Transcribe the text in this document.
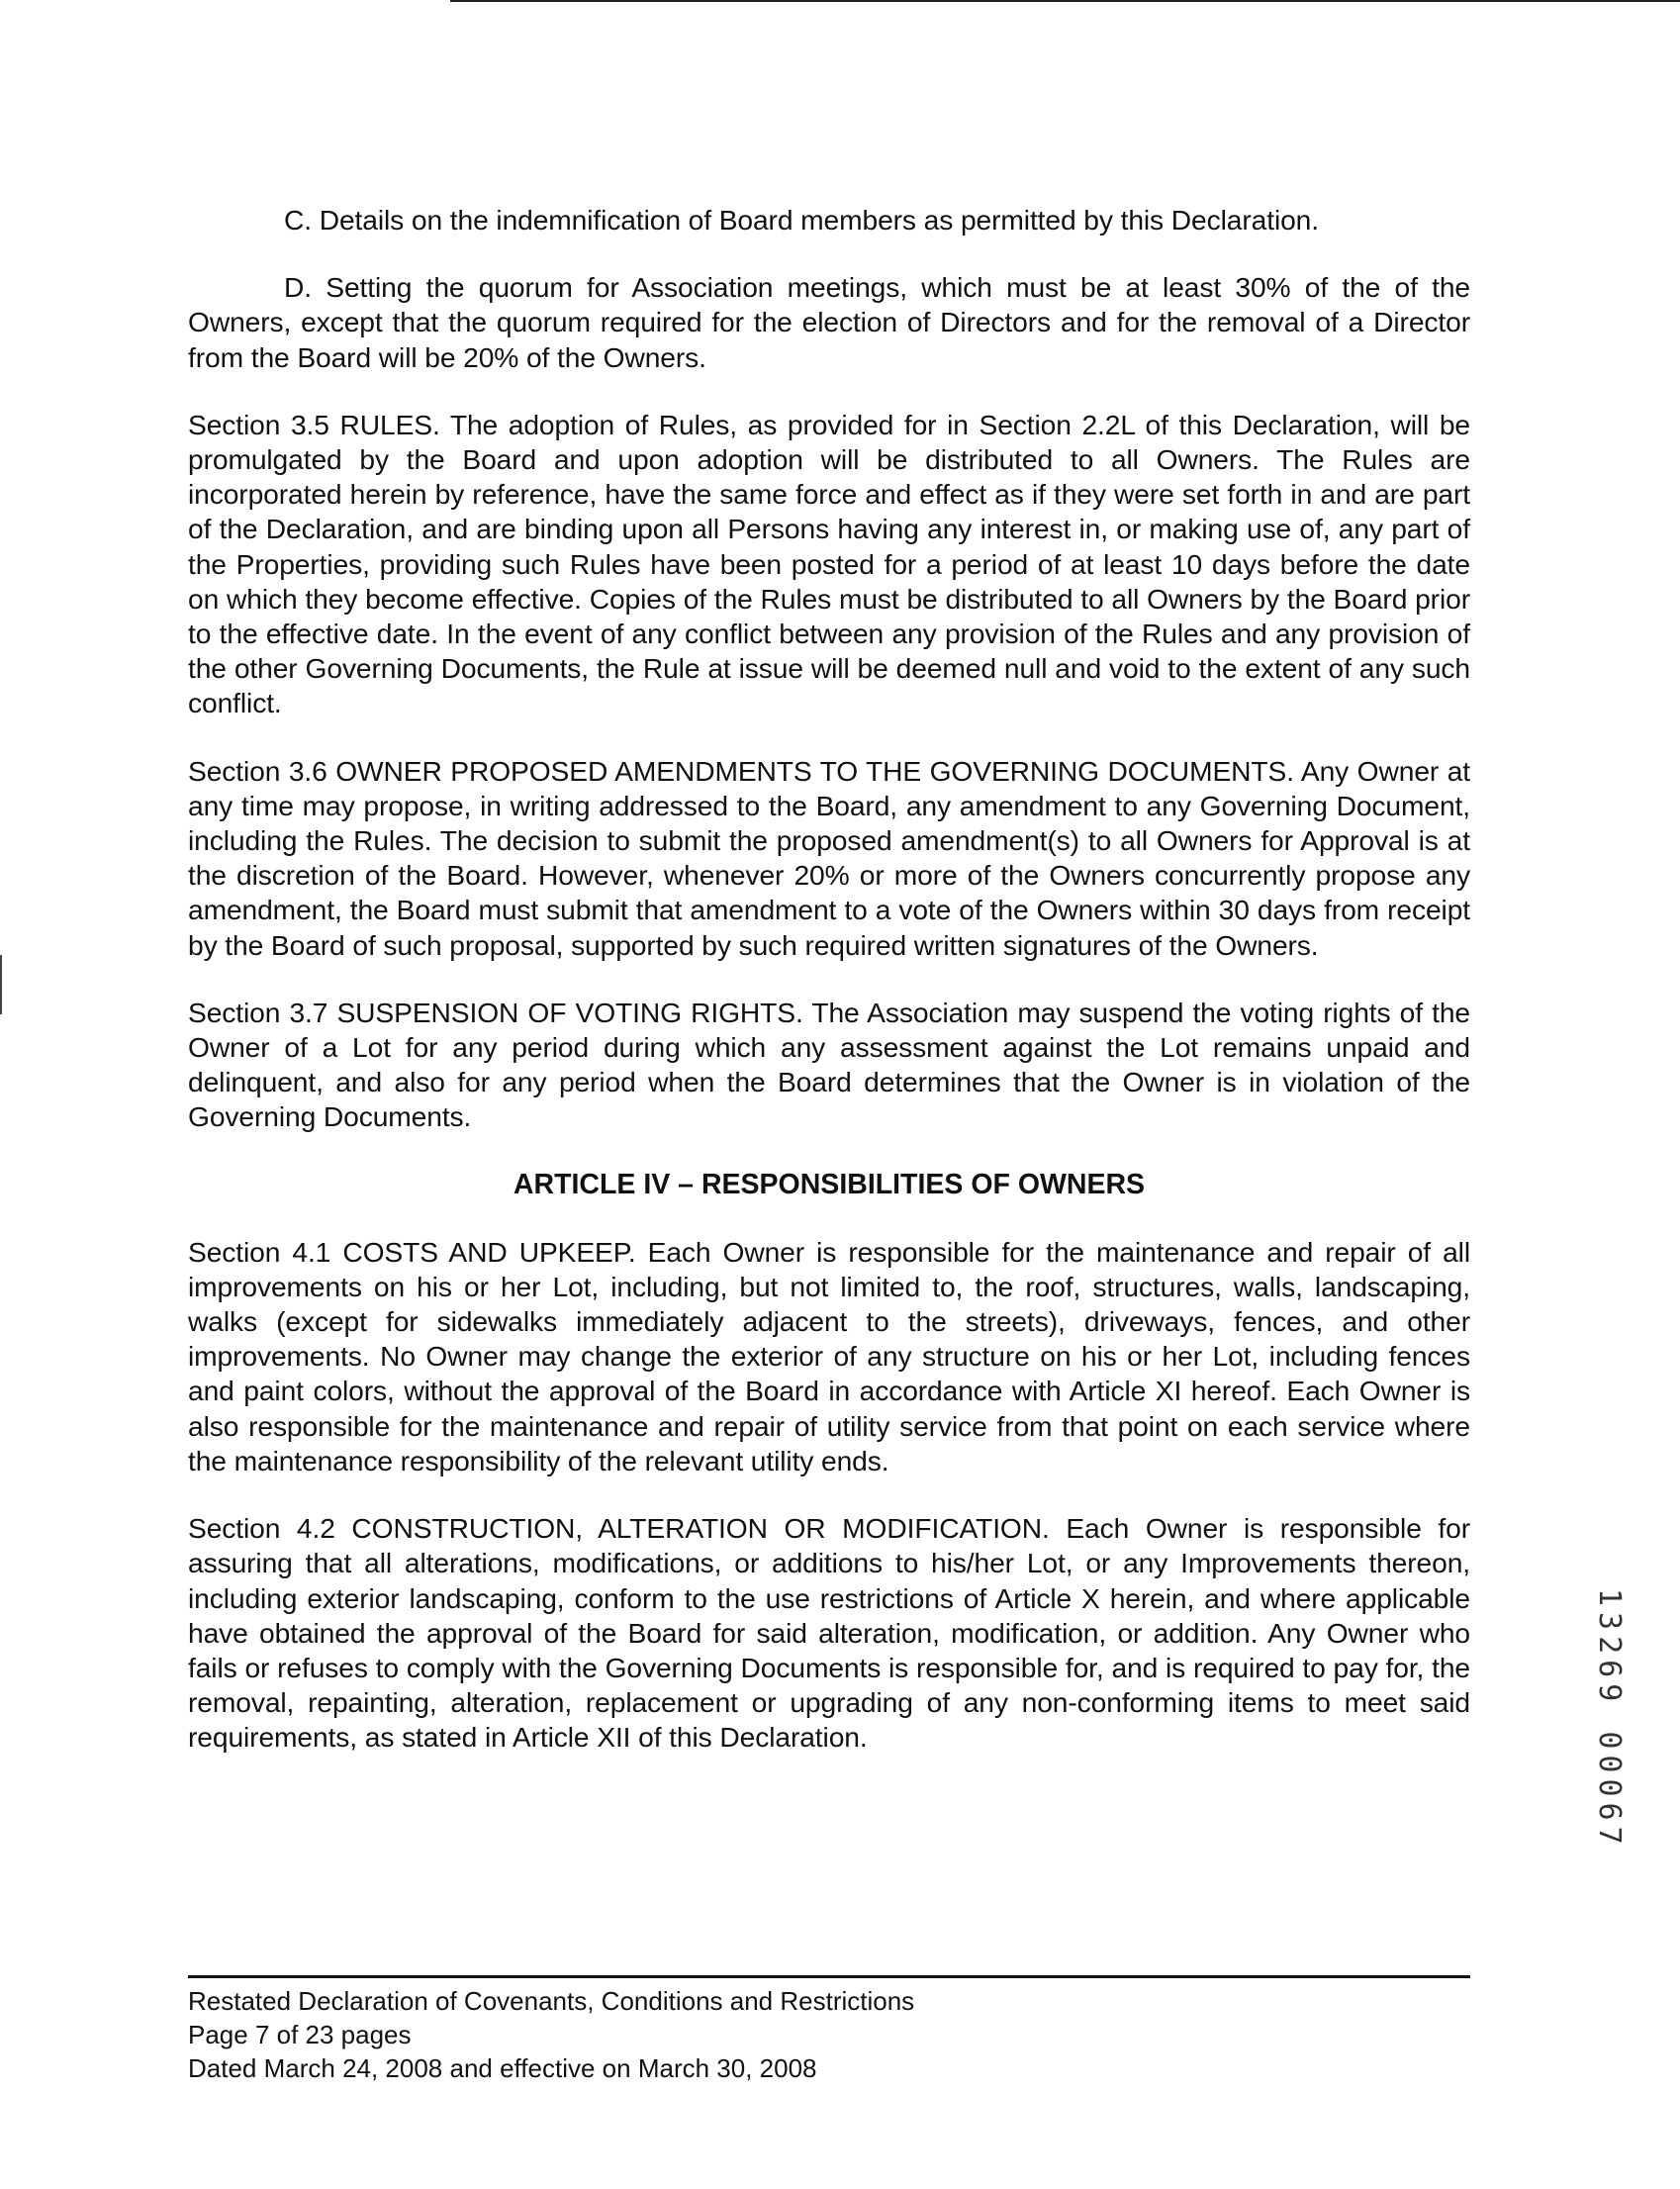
C. Details on the indemnification of Board members as permitted by this Declaration.

D. Setting the quorum for Association meetings, which must be at least 30% of the of the Owners, except that the quorum required for the election of Directors and for the removal of a Director from the Board will be 20% of the Owners.

Section 3.5 RULES. The adoption of Rules, as provided for in Section 2.2L of this Declaration, will be promulgated by the Board and upon adoption will be distributed to all Owners. The Rules are incorporated herein by reference, have the same force and effect as if they were set forth in and are part of the Declaration, and are binding upon all Persons having any interest in, or making use of, any part of the Properties, providing such Rules have been posted for a period of at least 10 days before the date on which they become effective. Copies of the Rules must be distributed to all Owners by the Board prior to the effective date. In the event of any conflict between any provision of the Rules and any provision of the other Governing Documents, the Rule at issue will be deemed null and void to the extent of any such conflict.

Section 3.6 OWNER PROPOSED AMENDMENTS TO THE GOVERNING DOCUMENTS. Any Owner at any time may propose, in writing addressed to the Board, any amendment to any Governing Document, including the Rules. The decision to submit the proposed amendment(s) to all Owners for Approval is at the discretion of the Board. However, whenever 20% or more of the Owners concurrently propose any amendment, the Board must submit that amendment to a vote of the Owners within 30 days from receipt by the Board of such proposal, supported by such required written signatures of the Owners.

Section 3.7 SUSPENSION OF VOTING RIGHTS. The Association may suspend the voting rights of the Owner of a Lot for any period during which any assessment against the Lot remains unpaid and delinquent, and also for any period when the Board determines that the Owner is in violation of the Governing Documents.

ARTICLE IV – RESPONSIBILITIES OF OWNERS

Section 4.1 COSTS AND UPKEEP. Each Owner is responsible for the maintenance and repair of all improvements on his or her Lot, including, but not limited to, the roof, structures, walls, landscaping, walks (except for sidewalks immediately adjacent to the streets), driveways, fences, and other improvements. No Owner may change the exterior of any structure on his or her Lot, including fences and paint colors, without the approval of the Board in accordance with Article XI hereof. Each Owner is also responsible for the maintenance and repair of utility service from that point on each service where the maintenance responsibility of the relevant utility ends.

Section 4.2 CONSTRUCTION, ALTERATION OR MODIFICATION. Each Owner is responsible for assuring that all alterations, modifications, or additions to his/her Lot, or any Improvements thereon, including exterior landscaping, conform to the use restrictions of Article X herein, and where applicable have obtained the approval of the Board for said alteration, modification, or addition. Any Owner who fails or refuses to comply with the Governing Documents is responsible for, and is required to pay for, the removal, repainting, alteration, replacement or upgrading of any non-conforming items to meet said requirements, as stated in Article XII of this Declaration.	13269 00067
Restated Declaration of Covenants, Conditions and Restrictions
Page 7 of 23 pages
Dated March 24, 2008 and effective on March 30, 2008
